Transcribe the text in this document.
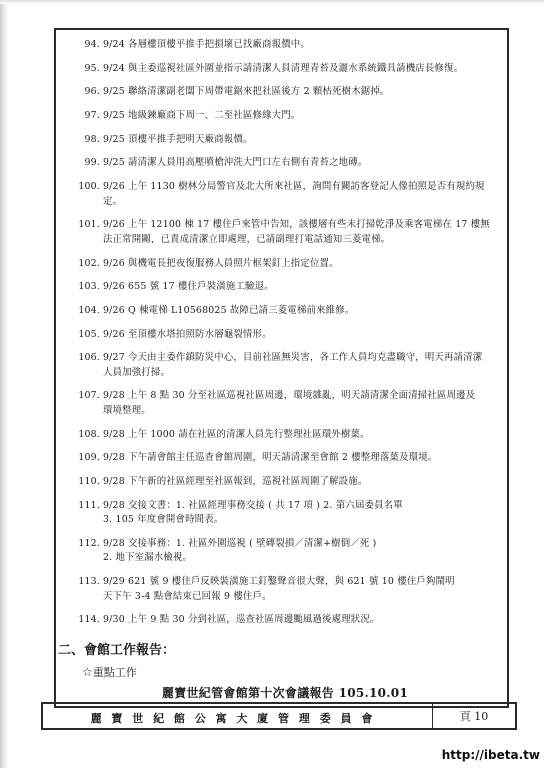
94. 9/24 各層樓頂樓平推手把損壞已找廠商報價中。
95. 9/24 與主委巡視社區外圍並指示請清潔人員清理青苔及灑水系統鐵具請機店長修復。
96. 9/25 聯絡清潔副老闆下周帶電鋸來把社區後方 2 顆枯死樹木鋸掉。
97. 9/25 地級鍊廠商下周一、二至社區修緣大門。
98. 9/25 頂樓平推手把明天廠商報價。
99. 9/25 請清潔人員用高壓噴槍沖洗大門口左右側有青苔之地磚。
100. 9/26 上午 1130 樹林分局警官及北大所來社區，詢問有關訪客登記人像拍照是否有規約規
定。
101. 9/26 上午 12100 棟 17 樓住戶來管中告知，該樓層有些未打掃乾淨及乘客電梯在 17 樓無
法正常開關，已責成清潔立即處理，已請副理打電話通知三菱電梯。
102. 9/26 與機電長把夜復服務人員照片框架釘上指定位置。
103. 9/26 655 號 17 樓住戶裝潢施工驗退。
104. 9/26 Q 棟電梯 L10568025 故障已請三菱電梯前來維修。
105. 9/26 至頂樓水塔拍照防水層龜裂情形。
106. 9/27 今天由主委作鎮防災中心，目前社區無災害，各工作人員均克盡職守，明天再請清潔
人員加強打掃。
107. 9/28 上午 8 點 30 分至社區巡視社區周邊，環境雜亂，明天請清潔全面清掃社區周邊及
環境整理。
108. 9/28 上午 1000 請在社區的清潔人員先行整理社區環外樹葉。
109. 9/28 下午請會館主任巡查會館周圍，明天請清潔至會館 2 樓整理落葉及環境。
110. 9/28 下午新的社區經理至社區報到，巡視社區周圍了解設施。
111. 9/28 交接文書：1. 社區經理事務交接 ( 共 17 項 ) 2. 第六屆委員名單
3. 105 年度會開會時間表。
112. 9/28 交接事務：1. 社區外圍巡視 ( 壁磚裂損／清潔+樹倒／死 )
2. 地下室漏水檢視。
113. 9/29 621 號 9 樓住戶反映裝潢施工釘鑿聲音很大聲，與 621 號 10 樓住戶夠鬧明
天下午 3-4 點會結束已回報 9 樓住戶。
114. 9/30 上午 9 點 30 分到社區，巡查社區周邊颱風過後處理狀況。
二、會館工作報告：
☆重點工作
麗寶世紀管會館第十次會議報告 105.10.01
麗 寶 世 紀 館 公 寓 大 廈 管 理 委 員 會	頁 10
http://ibeta.tw
